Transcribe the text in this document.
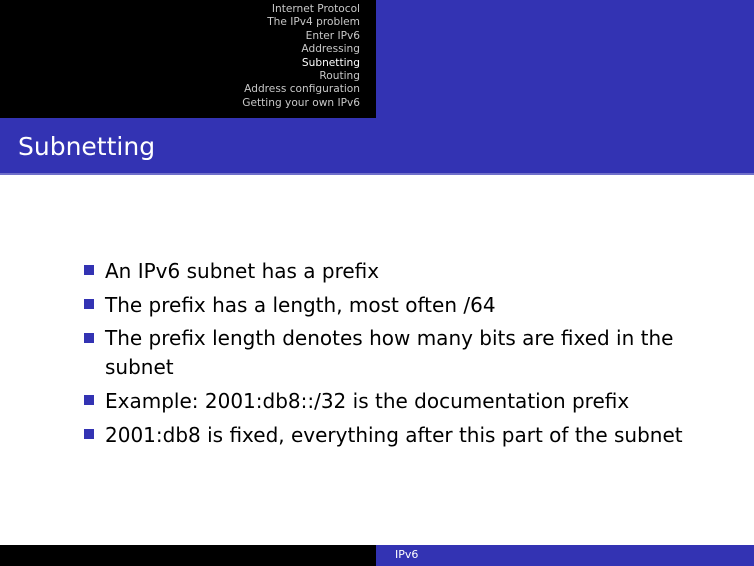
Internet Protocol
The IPv4 problem
Enter IPv6
Addressing
Subnetting
Routing
Address configuration
Getting your own IPv6
Subnetting
An IPv6 subnet has a prefix
The prefix has a length, most often /64
The prefix length denotes how many bits are fixed in the subnet
Example: 2001:db8::/32 is the documentation prefix
2001:db8 is fixed, everything after this part of the subnet
IPv6
